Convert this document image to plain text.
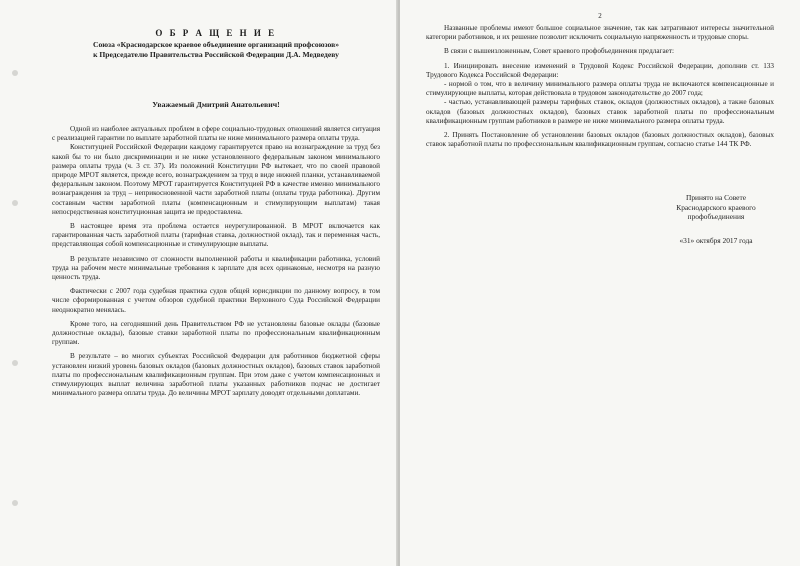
О Б Р А Щ Е Н И Е
Союза «Краснодарское краевое объединение организаций профсоюзов»
к Председателю Правительства Российской Федерации Д.А. Медведеву
Уважаемый Дмитрий Анатольевич!

Одной из наиболее актуальных проблем в сфере социально-трудовых отношений является ситуация с реализацией гарантии по выплате заработной платы не ниже минимального размера оплаты труда.

Конституцией Российской Федерации каждому гарантируется право на вознаграждение за труд без какой бы то ни было дискриминации и не ниже установленного федеральным законом минимального размера оплаты труда (ч. 3 ст. 37). Из положений Конституции РФ вытекает, что по своей правовой природе МРОТ является, прежде всего, вознаграждением за труд в виде нижней планки, устанавливаемой федеральным законом. Поэтому МРОТ гарантируется Конституцией РФ в качестве именно минимального вознаграждения за труд – неприкосновенной части заработной платы (оплаты труда работника). Другим составным частям заработной платы (компенсационным и стимулирующим выплатам) такая непосредственная конституционная защита не предоставлена.

В настоящее время эта проблема остается неурегулированной. В МРОТ включается как гарантированная часть заработной платы (тарифная ставка, должностной оклад), так и переменная часть, представляющая собой компенсационные и стимулирующие выплаты.

В результате независимо от сложности выполненной работы и квалификации работника, условий труда на рабочем месте минимальные требования к зарплате для всех одинаковые, несмотря на разную ценность труда.

Фактически с 2007 года судебная практика судов общей юрисдикции по данному вопросу, в том числе сформированная с учетом обзоров судебной практики Верховного Суда Российской Федерации неоднократно менялась.

Кроме того, на сегодняшний день Правительством РФ не установлены базовые оклады (базовые должностные оклады), базовые ставки заработной платы по профессиональным квалификационным группам.

В результате – во многих субъектах Российской Федерации для работников бюджетной сферы установлен низкий уровень базовых окладов (базовых должностных окладов), базовых ставок заработной платы по профессиональным квалификационным группам. При этом даже с учетом компенсационных и стимулирующих выплат величина заработной платы указанных работников подчас не достигает минимального размера оплаты труда. До величины МРОТ зарплату доводят отдельными доплатами.

2

Названные проблемы имеют большое социальное значение, так как затрагивают интересы значительной категории работников, и их решение позволит исключить социальную напряженность и трудовые споры.

В связи с вышеизложенным, Совет краевого профобъединения предлагает:

1. Инициировать внесение изменений в Трудовой Кодекс Российской Федерации, дополнив ст. 133 Трудового Кодекса Российской Федерации:

- нормой о том, что в величину минимального размера оплаты труда не включаются компенсационные и стимулирующие выплаты, которая действовала в трудовом законодательстве до 2007 года;

- частью, устанавливающей размеры тарифных ставок, окладов (должностных окладов), а также базовых окладов (базовых должностных окладов), базовых ставок заработной платы по профессиональным квалификационным группам работников в размере не ниже минимального размера оплаты труда.

2. Принять Постановление об установлении базовых окладов (базовых должностных окладов), базовых ставок заработной платы по профессиональным квалификационным группам, согласно статье 144 ТК РФ.

Принято на Совете
Краснодарского краевого
профобъединения
«31» октября 2017 года
